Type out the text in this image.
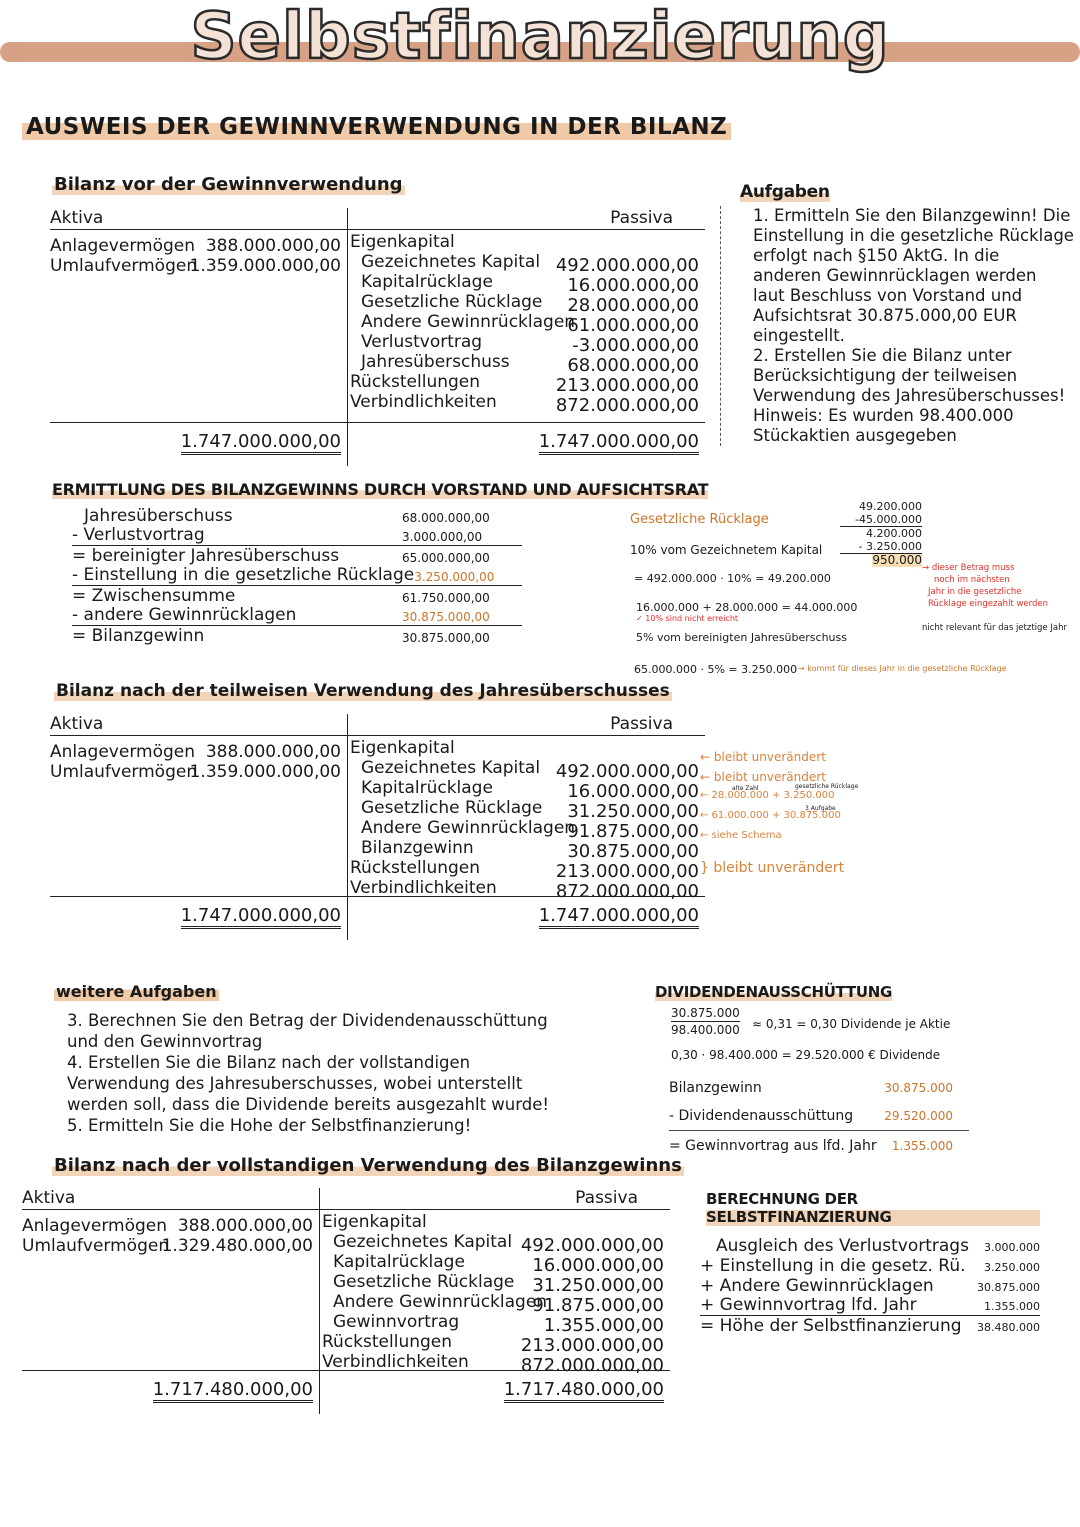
Selbstfinanzierung
AUSWEIS DER GEWINNVERWENDUNG IN DER BILANZ
Bilanz vor der Gewinnverwendung
Aktiva	Passiva
Anlagevermögen 388.000.000,00
Umlaufvermögen
1.359.000.000,00
Eigenkapital
Gezeichnetes Kapital 492.000.000,00
Kapitalrücklage	16.000.000,00
Gesetzliche Rücklage 28.000.000,00
Andere Gewinnrücklagen
61.000.000,00
Verlustvortrag	-3.000.000,00
Jahresüberschuss	68.000.000,00
Rückstellungen	213.000.000,00
Verbindlichkeiten	872.000.000,00
1.747.000.000,00	1.747.000.000,00
Aufgaben
1. Ermitteln Sie den Bilanzgewinn! Die
Einstellung in die gesetzliche Rücklage
erfolgt nach §150 AktG. In die
anderen Gewinnrücklagen werden
laut Beschluss von Vorstand und
Aufsichtsrat 30.875.000,00 EUR
eingestellt.
2. Erstellen Sie die Bilanz unter
Berücksichtigung der teilweisen
Verwendung des Jahresüberschusses!
Hinweis: Es wurden 98.400.000
Stückaktien ausgegeben
ERMITTLUNG DES BILANZGEWINNS DURCH VORSTAND UND AUFSICHTSRAT
Jahresüberschuss	68.000.000,00
- Verlustvortrag	3.000.000,00
= bereinigter Jahresüberschuss	65.000.000,00
- Einstellung in die gesetzliche Rücklage 3.250.000,00
= Zwischensumme	61.750.000,00
- andere Gewinnrücklagen	30.875.000,00
= Bilanzgewinn	30.875.000,00
Gesetzliche Rücklage
10% vom Gezeichnetem Kapital
= 492.000.000 · 10% = 49.200.000
16.000.000 + 28.000.000 = 44.000.000
✓ 10% sind nicht erreicht
5% vom bereinigten Jahresüberschuss
65.000.000 · 5% = 3.250.000 → kommt für dieses Jahr in die gesetzliche Rücklage
49.200.000
-45.000.000
4.200.000
- 3.250.000
950.000
→ dieser Betrag muss
noch im nächsten
Jahr in die gesetzliche
Rücklage eingezahlt werden
nicht relevant für das jetztige Jahr
Bilanz nach der teilweisen Verwendung des Jahresüberschusses
Aktiva	Passiva
Anlagevermögen 388.000.000,00
Umlaufvermögen
1.359.000.000,00
Eigenkapital
Gezeichnetes Kapital 492.000.000,00
Kapitalrücklage	16.000.000,00
Gesetzliche Rücklage 31.250.000,00
Andere Gewinnrücklagen
91.875.000,00
Bilanzgewinn	30.875.000,00
Rückstellungen	213.000.000,00
Verbindlichkeiten	872.000.000,00
1.747.000.000,00	1.747.000.000,00
← bleibt unverändert
← bleibt unverändert
← 28.000.000 + 3.250.000
← 61.000.000 + 30.875.000
← siehe Schema
} bleibt unverändert
alte Zahl	gesetzliche Rücklage
3 Aufgabe
weitere Aufgaben
3. Berechnen Sie den Betrag der Dividendenausschüttung
und den Gewinnvortrag
4. Erstellen Sie die Bilanz nach der vollstandigen
Verwendung des Jahresuberschusses, wobei unterstellt
werden soll, dass die Dividende bereits ausgezahlt wurde!
5. Ermitteln Sie die Hohe der Selbstfinanzierung!
DIVIDENDENAUSSCHÜTTUNG
30.875.000
98.400.000 ≈ 0,31 = 0,30 Dividende je Aktie
0,30 · 98.400.000 = 29.520.000 € Dividende
Bilanzgewinn	30.875.000
- Dividendenausschüttung	29.520.000
= Gewinnvortrag aus lfd. Jahr 1.355.000
Bilanz nach der vollstandigen Verwendung des Bilanzgewinns
Aktiva	Passiva
Anlagevermögen 388.000.000,00
Umlaufvermögen
1.329.480.000,00
Eigenkapital
Gezeichnetes Kapital 492.000.000,00
Kapitalrücklage	16.000.000,00
Gesetzliche Rücklage 31.250.000,00
Andere Gewinnrücklagen
91.875.000,00
Gewinnvortrag	1.355.000,00
Rückstellungen	213.000.000,00
Verbindlichkeiten	872.000.000,00
1.717.480.000,00	1.717.480.000,00
BERECHNUNG DER SELBSTFINANZIERUNG
Ausgleich des Verlustvortrags 3.000.000
+ Einstellung in die gesetz. Rü. 3.250.000
+ Andere Gewinnrücklagen	30.875.000
+ Gewinnvortrag lfd. Jahr	1.355.000
= Höhe der Selbstfinanzierung 38.480.000
